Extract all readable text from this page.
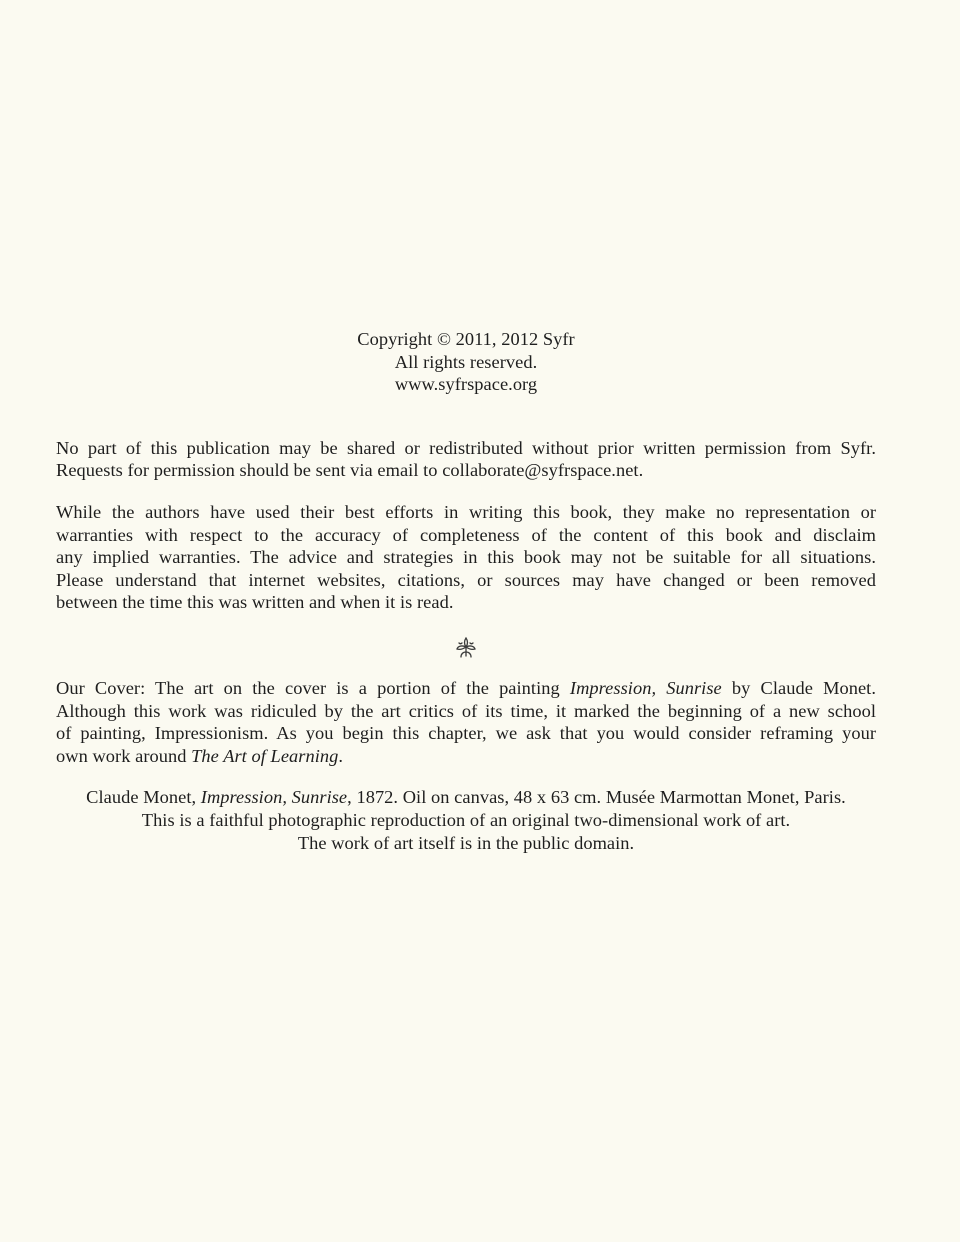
Copyright © 2011, 2012 Syfr
All rights reserved.
www.syfrspace.org
No part of this publication may be shared or redistributed without prior written permission from Syfr.
Requests for permission should be sent via email to collaborate@syfrspace.net.
While the authors have used their best efforts in writing this book, they make no representation or
warranties with respect to the accuracy of completeness of the content of this book and disclaim
any implied warranties. The advice and strategies in this book may not be suitable for all situations.
Please understand that internet websites, citations, or sources may have changed or been removed
between the time this was written and when it is read.
Our Cover: The art on the cover is a portion of the painting Impression, Sunrise by Claude Monet.
Although this work was ridiculed by the art critics of its time, it marked the beginning of a new school
of painting, Impressionism. As you begin this chapter, we ask that you would consider reframing your
own work around The Art of Learning.
Claude Monet, Impression, Sunrise, 1872. Oil on canvas, 48 x 63 cm. Musée Marmottan Monet, Paris.
This is a faithful photographic reproduction of an original two-dimensional work of art.
The work of art itself is in the public domain.
